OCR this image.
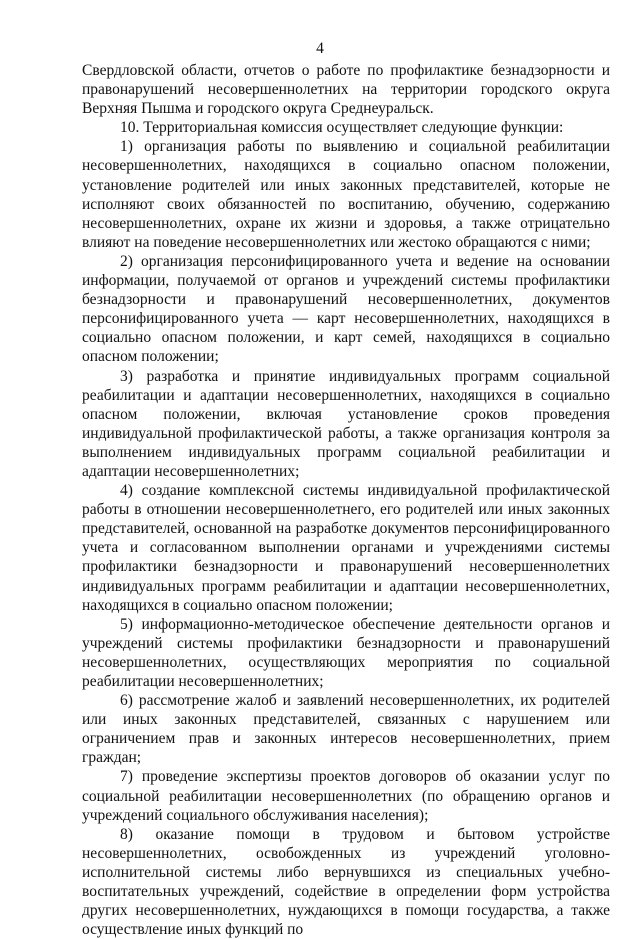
4

Свердловской области, отчетов о работе по профилактике безнадзорности и правонарушений несовершеннолетних на территории городского округа Верхняя Пышма и городского округа Среднеуральск.

10. Территориальная комиссия осуществляет следующие функции:

1) организация работы по выявлению и социальной реабилитации несовершеннолетних, находящихся в социально опасном положении, установление родителей или иных законных представителей, которые не исполняют своих обязанностей по воспитанию, обучению, содержанию несовершеннолетних, охране их жизни и здоровья, а также отрицательно влияют на поведение несовершеннолетних или жестоко обращаются с ними;

2) организация персонифицированного учета и ведение на основании информации, получаемой от органов и учреждений системы профилактики безнадзорности и правонарушений несовершеннолетних, документов персонифицированного учета — карт несовершеннолетних, находящихся в социально опасном положении, и карт семей, находящихся в социально опасном положении;

3) разработка и принятие индивидуальных программ социальной реабилитации и адаптации несовершеннолетних, находящихся в социально опасном положении, включая установление сроков проведения индивидуальной профилактической работы, а также организация контроля за выполнением индивидуальных программ социальной реабилитации и адаптации несовершеннолетних;

4) создание комплексной системы индивидуальной профилактической работы в отношении несовершеннолетнего, его родителей или иных законных представителей, основанной на разработке документов персонифицированного учета и согласованном выполнении органами и учреждениями системы профилактики безнадзорности и правонарушений несовершеннолетних индивидуальных программ реабилитации и адаптации несовершеннолетних, находящихся в социально опасном положении;

5) информационно-методическое обеспечение деятельности органов и учреждений системы профилактики безнадзорности и правонарушений несовершеннолетних, осуществляющих мероприятия по социальной реабилитации несовершеннолетних;

6) рассмотрение жалоб и заявлений несовершеннолетних, их родителей или иных законных представителей, связанных с нарушением или ограничением прав и законных интересов несовершеннолетних, прием граждан;

7) проведение экспертизы проектов договоров об оказании услуг по социальной реабилитации несовершеннолетних (по обращению органов и учреждений социального обслуживания населения);

8) оказание помощи в трудовом и бытовом устройстве несовершеннолетних, освобожденных из учреждений уголовно-исполнительной системы либо вернувшихся из специальных учебно-воспитательных учреждений, содействие в определении форм устройства других несовершеннолетних, нуждающихся в помощи государства, а также осуществление иных функций по
